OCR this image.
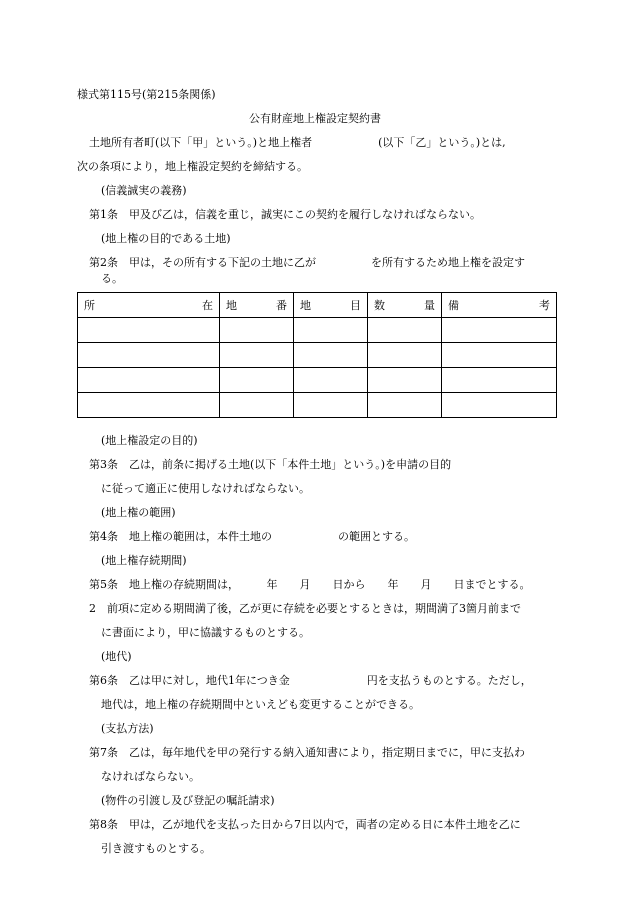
様式第115号(第215条関係)
公有財産地上権設定契約書
土地所有者町(以下「甲」という。)と地上権者　　　　　　(以下「乙」という。)とは,
次の条項により，地上権設定契約を締結する。
(信義誠実の義務)
第1条　甲及び乙は，信義を重じ，誠実にこの契約を履行しなければならない。
(地上権の目的である土地)
第2条　甲は，その所有する下記の土地に乙が　　　　　を所有するため地上権を設定す
る。
所 在	地 番	地 目	数 量	備 考

(地上権設定の目的)
第3条　乙は，前条に掲げる土地(以下「本件土地」という。)を申請の目的
に従って適正に使用しなければならない。
(地上権の範囲)
第4条　地上権の範囲は，本件土地の　　　　　　の範囲とする。
(地上権存続期間)
第5条　地上権の存続期間は，　　　年　　月　　日から　　年　　月　　日までとする。
2　前項に定める期間満了後，乙が更に存続を必要とするときは，期間満了3箇月前まで
に書面により，甲に協議するものとする。
(地代)
第6条　乙は甲に対し，地代1年につき金　　　　　　　円を支払うものとする。ただし，
地代は，地上権の存続期間中といえども変更することができる。
(支払方法)
第7条　乙は，毎年地代を甲の発行する納入通知書により，指定期日までに，甲に支払わ
なければならない。
(物件の引渡し及び登記の嘱託請求)
第8条　甲は，乙が地代を支払った日から7日以内で，両者の定める日に本件土地を乙に
引き渡すものとする。
